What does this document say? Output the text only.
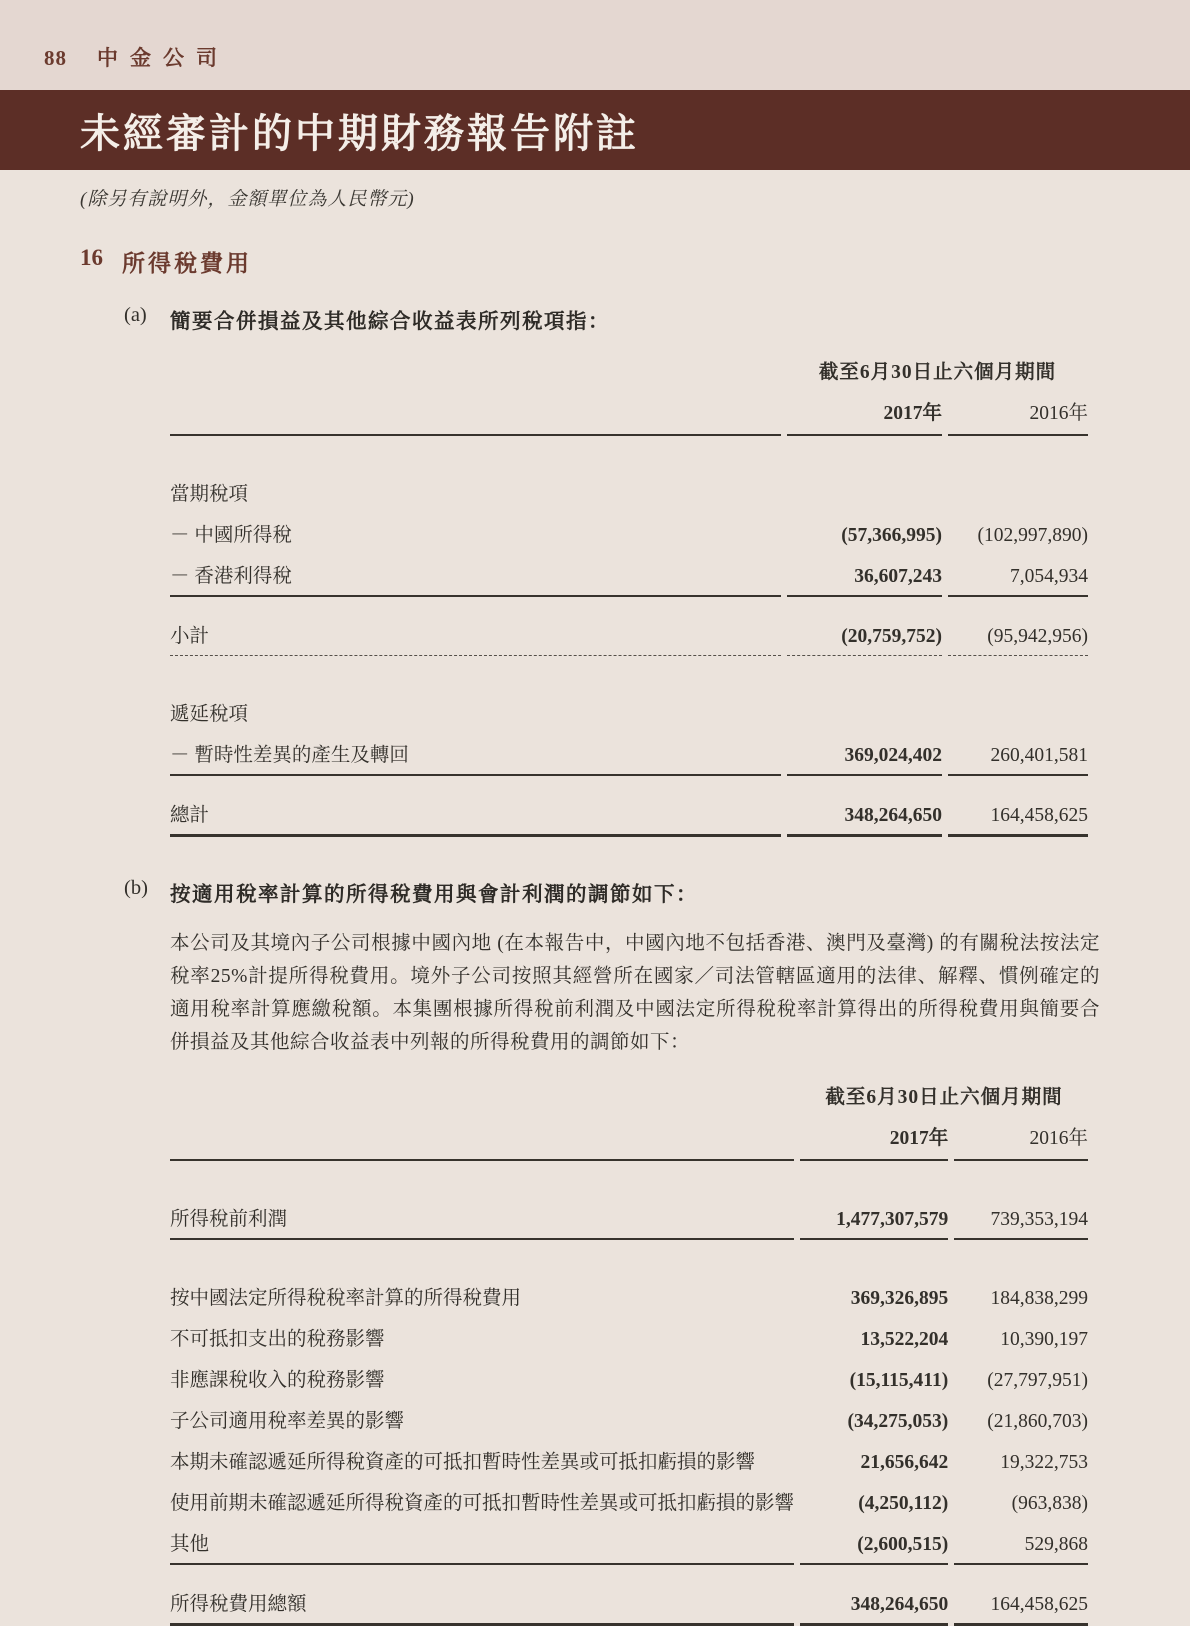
88 中金公司
未經審計的中期財務報告附註
(除另有說明外，金額單位為人民幣元)
16 所得稅費用
(a)	簡要合併損益及其他綜合收益表所列稅項指：
	截至6月30日止六個月期間	
	2017年	2016年

當期稅項		
－ 中國所得稅	(57,366,995)	(102,997,890)
－ 香港利得稅	36,607,243	7,054,934

小計	(20,759,752)	(95,942,956)

遞延稅項		
－ 暫時性差異的產生及轉回	369,024,402	260,401,581

總計	348,264,650	164,458,625
(b)	按適用稅率計算的所得稅費用與會計利潤的調節如下：
本公司及其境內子公司根據中國內地 (在本報告中，中國內地不包括香港、澳門及臺灣) 的有關稅法按法定稅率25%計提所得稅費用。境外子公司按照其經營所在國家／司法管轄區適用的法律、解釋、慣例確定的適用稅率計算應繳稅額。本集團根據所得稅前利潤及中國法定所得稅稅率計算得出的所得稅費用與簡要合併損益及其他綜合收益表中列報的所得稅費用的調節如下：
	截至6月30日止六個月期間	
	2017年	2016年

所得稅前利潤	1,477,307,579	739,353,194

按中國法定所得稅稅率計算的所得稅費用	369,326,895	184,838,299
不可抵扣支出的稅務影響	13,522,204	10,390,197
非應課稅收入的稅務影響	(15,115,411)	(27,797,951)
子公司適用稅率差異的影響	(34,275,053)	(21,860,703)
本期未確認遞延所得稅資產的可抵扣暫時性差異或可抵扣虧損的影響	21,656,642	19,322,753
使用前期未確認遞延所得稅資產的可抵扣暫時性差異或可抵扣虧損的影響	(4,250,112)	(963,838)
其他	(2,600,515)	529,868

所得稅費用總額	348,264,650	164,458,625
